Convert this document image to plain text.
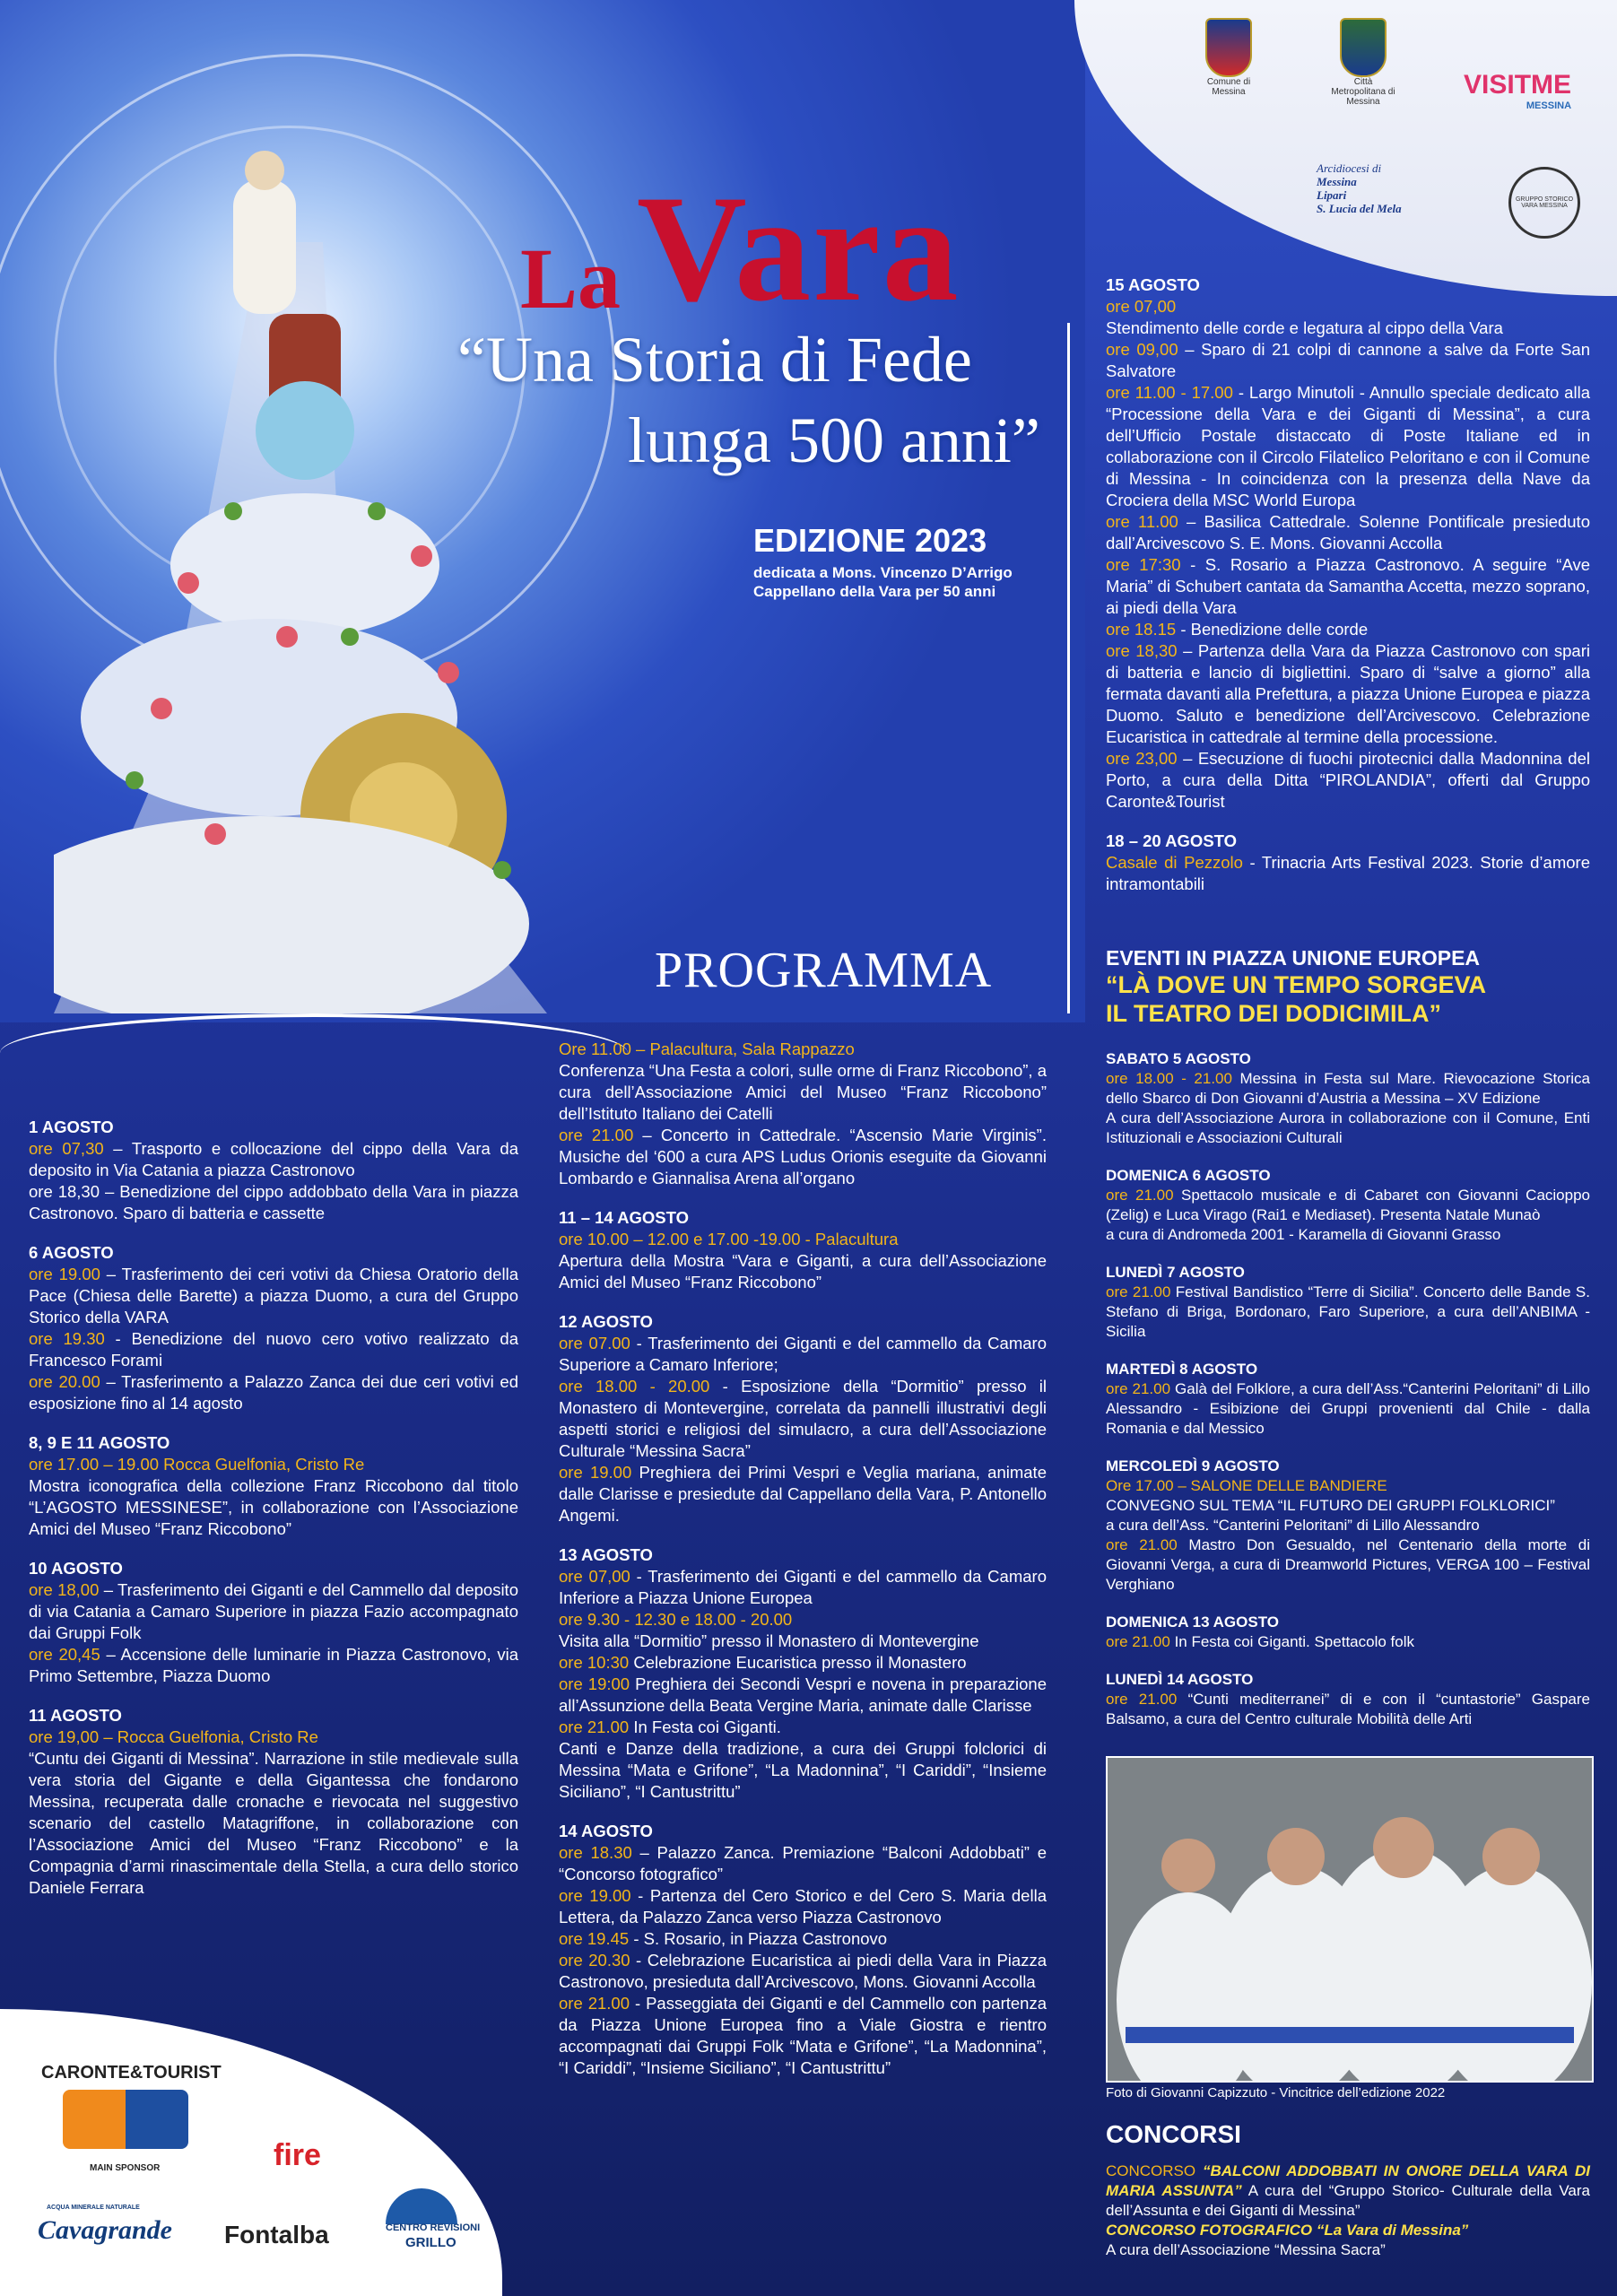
Comune di Messina
Città Metropolitana di Messina
VISITME
MESSINA
Arcidiocesi di
Messina
Lipari
S. Lucia del Mela
GRUPPO STORICO VARA MESSINA
La Vara
“Una Storia di Fede
lunga 500 anni”
EDIZIONE 2023
dedicata a Mons. Vincenzo D’Arrigo
Cappellano della Vara per 50 anni
PROGRAMMA
1 AGOSTO

ore 07,30 – Trasporto e collocazione del cippo della Vara da deposito in Via Catania a piazza Castronovo

ore 18,30 – Benedizione del cippo addobbato della Vara in piazza Castronovo. Sparo di batteria e cassette

6 AGOSTO

ore 19.00 – Trasferimento dei ceri votivi da Chiesa Oratorio della Pace (Chiesa delle Barette) a piazza Duomo, a cura del Gruppo Storico della VARA

ore 19.30 - Benedizione del nuovo cero votivo realizzato da Francesco Forami

ore 20.00 – Trasferimento a Palazzo Zanca dei due ceri votivi ed esposizione fino al 14 agosto

8, 9 E 11 AGOSTO

ore 17.00 – 19.00 Rocca Guelfonia, Cristo Re

Mostra iconografica della collezione Franz Riccobono dal titolo “L’AGOSTO MESSINESE”, in collaborazione con l’Associazione Amici del Museo “Franz Riccobono”

10 AGOSTO

ore 18,00 – Trasferimento dei Giganti e del Cammello dal deposito di via Catania a Camaro Superiore in piazza Fazio accompagnato dai Gruppi Folk

ore 20,45 – Accensione delle luminarie in Piazza Castronovo, via Primo Settembre, Piazza Duomo

11 AGOSTO

ore 19,00 – Rocca Guelfonia, Cristo Re

“Cuntu dei Giganti di Messina”. Narrazione in stile medievale sulla vera storia del Gigante e della Gigantessa che fondarono Messina, recuperata dalle cronache e rievocata nel suggestivo scenario del castello Matagriffone, in collaborazione con l’Associazione Amici del Museo “Franz Riccobono” e la Compagnia d’armi rinascimentale della Stella, a cura dello storico Daniele Ferrara

Ore 11.00 – Palacultura, Sala Rappazzo

Conferenza “Una Festa a colori, sulle orme di Franz Riccobono”, a cura dell’Associazione Amici del Museo “Franz Riccobono” dell’Istituto Italiano dei Catelli

ore 21.00 – Concerto in Cattedrale. “Ascensio Marie Virginis”. Musiche del ‘600 a cura APS Ludus Orionis eseguite da Giovanni Lombardo e Giannalisa Arena all’organo

11 – 14 AGOSTO

ore 10.00 – 12.00 e 17.00 -19.00 - Palacultura

Apertura della Mostra “Vara e Giganti, a cura dell’Associazione Amici del Museo “Franz Riccobono”

12 AGOSTO

ore 07.00 - Trasferimento dei Giganti e del cammello da Camaro Superiore a Camaro Inferiore;

ore 18.00 - 20.00 - Esposizione della “Dormitio” presso il Monastero di Montevergine, correlata da pannelli illustrativi degli aspetti storici e religiosi del simulacro, a cura dell’Associazione Culturale “Messina Sacra”

ore 19.00 Preghiera dei Primi Vespri e Veglia mariana, animate dalle Clarisse e presiedute dal Cappellano della Vara, P. Antonello Angemi.

13 AGOSTO

ore 07,00 - Trasferimento dei Giganti e del cammello da Camaro Inferiore a Piazza Unione Europea

ore 9.30 - 12.30 e 18.00 - 20.00

Visita alla “Dormitio” presso il Monastero di Montevergine

ore 10:30 Celebrazione Eucaristica presso il Monastero

ore 19:00 Preghiera dei Secondi Vespri e novena in preparazione all’Assunzione della Beata Vergine Maria, animate dalle Clarisse

ore 21.00 In Festa coi Giganti.

Canti e Danze della tradizione, a cura dei Gruppi folclorici di Messina “Mata e Grifone”, “La Madonnina”, “I Cariddi”, “Insieme Siciliano”, “I Cantustrittu”

14 AGOSTO

ore 18.30 – Palazzo Zanca. Premiazione “Balconi Addobbati” e “Concorso fotografico”

ore 19.00 - Partenza del Cero Storico e del Cero S. Maria della Lettera, da Palazzo Zanca verso Piazza Castronovo

ore 19.45 - S. Rosario, in Piazza Castronovo

ore 20.30 - Celebrazione Eucaristica ai piedi della Vara in Piazza Castronovo, presieduta dall’Arcivescovo, Mons. Giovanni Accolla

ore 21.00 - Passeggiata dei Giganti e del Cammello con partenza da Piazza Unione Europea fino a Viale Giostra e rientro accompagnati dai Gruppi Folk “Mata e Grifone”, “La Madonnina”, “I Cariddi”, “Insieme Siciliano”, “I Cantustrittu”

15 AGOSTO

ore 07,00

Stendimento delle corde e legatura al cippo della Vara

ore 09,00 – Sparo di 21 colpi di cannone a salve da Forte San Salvatore

ore 11.00 - 17.00 - Largo Minutoli - Annullo speciale dedicato alla “Processione della Vara e dei Giganti di Messina”, a cura dell’Ufficio Postale distaccato di Poste Italiane ed in collaborazione con il Circolo Filatelico Peloritano e con il Comune di Messina - In coincidenza con la presenza della Nave da Crociera della MSC World Europa

ore 11.00 – Basilica Cattedrale. Solenne Pontificale presieduto dall’Arcivescovo S. E. Mons. Giovanni Accolla

ore 17:30 - S. Rosario a Piazza Castronovo. A seguire “Ave Maria” di Schubert cantata da Samantha Accetta, mezzo soprano, ai piedi della Vara

ore 18.15 - Benedizione delle corde

ore 18,30 – Partenza della Vara da Piazza Castronovo con spari di batteria e lancio di bigliettini. Sparo di “salve a giorno” alla fermata davanti alla Prefettura, a piazza Unione Europea e piazza Duomo. Saluto e benedizione dell’Arcivescovo. Celebrazione Eucaristica in cattedrale al termine della processione.

ore 23,00 – Esecuzione di fuochi pirotecnici dalla Madonnina del Porto, a cura della Ditta “PIROLANDIA”, offerti dal Gruppo Caronte&Tourist

18 – 20 AGOSTO

Casale di Pezzolo - Trinacria Arts Festival 2023. Storie d’amore intramontabili

EVENTI IN PIAZZA UNIONE EUROPEA
“LÀ DOVE UN TEMPO SORGEVA
IL TEATRO DEI DODICIMILA”
SABATO 5 AGOSTO

ore 18.00 - 21.00 Messina in Festa sul Mare. Rievocazione Storica dello Sbarco di Don Giovanni d’Austria a Messina – XV Edizione

A cura dell’Associazione Aurora in collaborazione con il Comune, Enti Istituzionali e Associazioni Culturali

DOMENICA 6 AGOSTO

ore 21.00 Spettacolo musicale e di Cabaret con Giovanni Cacioppo (Zelig) e Luca Virago (Rai1 e Mediaset). Presenta Natale Munaò

a cura di Andromeda 2001 - Karamella di Giovanni Grasso

LUNEDÌ 7 AGOSTO

ore 21.00 Festival Bandistico “Terre di Sicilia”. Concerto delle Bande S. Stefano di Briga, Bordonaro, Faro Superiore, a cura dell’ANBIMA - Sicilia

MARTEDÌ 8 AGOSTO

ore 21.00 Galà del Folklore, a cura dell’Ass.“Canterini Peloritani” di Lillo Alessandro - Esibizione dei Gruppi provenienti dal Chile - dalla Romania e dal Messico

MERCOLEDÌ 9 AGOSTO

Ore 17.00 – SALONE DELLE BANDIERE

CONVEGNO SUL TEMA “IL FUTURO DEI GRUPPI FOLKLORICI”

a cura dell’Ass. “Canterini Peloritani” di Lillo Alessandro

ore 21.00 Mastro Don Gesualdo, nel Centenario della morte di Giovanni Verga, a cura di Dreamworld Pictures, VERGA 100 – Festival Verghiano

DOMENICA 13 AGOSTO

ore 21.00 In Festa coi Giganti. Spettacolo folk

LUNEDÌ 14 AGOSTO

ore 21.00 “Cunti mediterranei” di e con il “cuntastorie” Gaspare Balsamo, a cura del Centro culturale Mobilità delle Arti

Foto di Giovanni Capizzuto - Vincitrice dell’edizione 2022
CONCORSI

CONCORSO “BALCONI ADDOBBATI IN ONORE DELLA VARA DI MARIA ASSUNTA” A cura del “Gruppo Storico- Culturale della Vara dell’Assunta e dei Giganti di Messina”

CONCORSO FOTOGRAFICO “La Vara di Messina”

A cura dell’Associazione “Messina Sacra”

CARONTE&TOURIST
MAIN SPONSOR	fire
ACQUA MINERALE NATURALE
Cavagrande Fontalba	CENTRO REVISIONI
GRILLO
